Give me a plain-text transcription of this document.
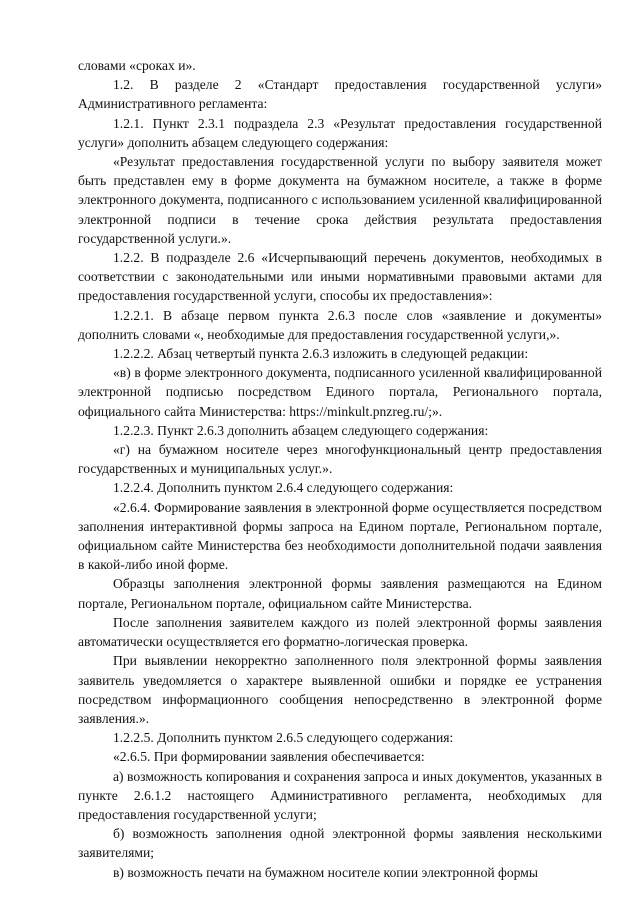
словами «сроках и».

1.2. В разделе 2 «Стандарт предоставления государственной услуги» Административного регламента:

1.2.1. Пункт 2.3.1 подраздела 2.3 «Результат предоставления государственной услуги» дополнить абзацем следующего содержания:

«Результат предоставления государственной услуги по выбору заявителя может быть представлен ему в форме документа на бумажном носителе, а также в форме электронного документа, подписанного с использованием усиленной квалифицированной электронной подписи в течение срока действия результата предоставления государственной услуги.».

1.2.2. В подразделе 2.6 «Исчерпывающий перечень документов, необходимых в соответствии с законодательными или иными нормативными правовыми актами для предоставления государственной услуги, способы их предоставления»:

1.2.2.1. В абзаце первом пункта 2.6.3 после слов «заявление и документы» дополнить словами «, необходимые для предоставления государственной услуги,».

1.2.2.2. Абзац четвертый пункта 2.6.3 изложить в следующей редакции:

«в) в форме электронного документа, подписанного усиленной квалифицированной электронной подписью посредством Единого портала, Регионального портала, официального сайта Министерства: https://minkult.pnzreg.ru/;».

1.2.2.3. Пункт 2.6.3 дополнить абзацем следующего содержания:

«г) на бумажном носителе через многофункциональный центр предоставления государственных и муниципальных услуг.».

1.2.2.4. Дополнить пунктом 2.6.4 следующего содержания:

«2.6.4. Формирование заявления в электронной форме осуществляется посредством заполнения интерактивной формы запроса на Едином портале, Региональном портале, официальном сайте Министерства без необходимости дополнительной подачи заявления в какой-либо иной форме.

Образцы заполнения электронной формы заявления размещаются на Едином портале, Региональном портале, официальном сайте Министерства.

После заполнения заявителем каждого из полей электронной формы заявления автоматически осуществляется его форматно-логическая проверка.

При выявлении некорректно заполненного поля электронной формы заявления заявитель уведомляется о характере выявленной ошибки и порядке ее устранения посредством информационного сообщения непосредственно в электронной форме заявления.».

1.2.2.5. Дополнить пунктом 2.6.5 следующего содержания:

«2.6.5. При формировании заявления обеспечивается:

а) возможность копирования и сохранения запроса и иных документов, указанных в пункте 2.6.1.2 настоящего Административного регламента, необходимых для предоставления государственной услуги;

б) возможность заполнения одной электронной формы заявления несколькими заявителями;

в) возможность печати на бумажном носителе копии электронной формы
